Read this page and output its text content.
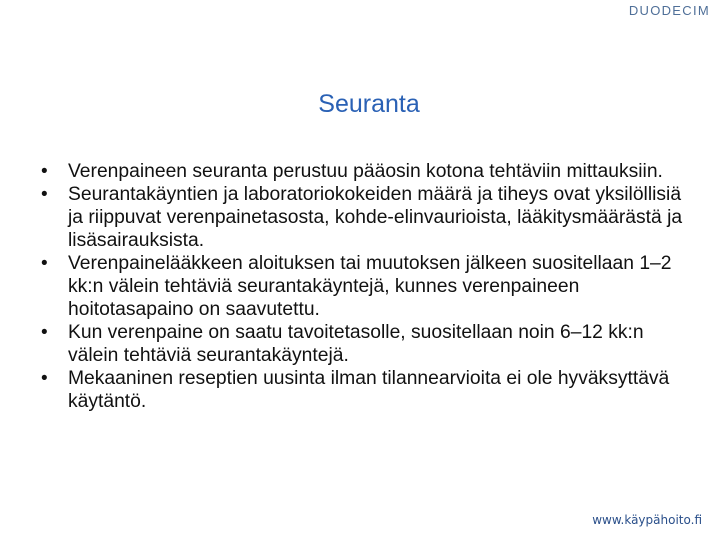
DUODECIM
Seuranta
•	Verenpaineen seuranta perustuu pääosin kotona tehtäviin mittauksiin.
•	Seurantakäyntien ja laboratoriokokeiden määrä ja tiheys ovat yksilöllisiä ja riippuvat verenpainetasosta, kohde-elinvaurioista, lääkitysmäärästä ja lisäsairauksista.
•	Verenpainelääkkeen aloituksen tai muutoksen jälkeen suositellaan 1–2 kk:n välein tehtäviä seurantakäyntejä, kunnes verenpaineen hoitotasapaino on saavutettu.
•	Kun verenpaine on saatu tavoitetasolle, suositellaan noin 6–12 kk:n välein tehtäviä seurantakäyntejä.
•	Mekaaninen reseptien uusinta ilman tilannearvioita ei ole hyväksyttävä käytäntö.
www.käypähoito.fi
